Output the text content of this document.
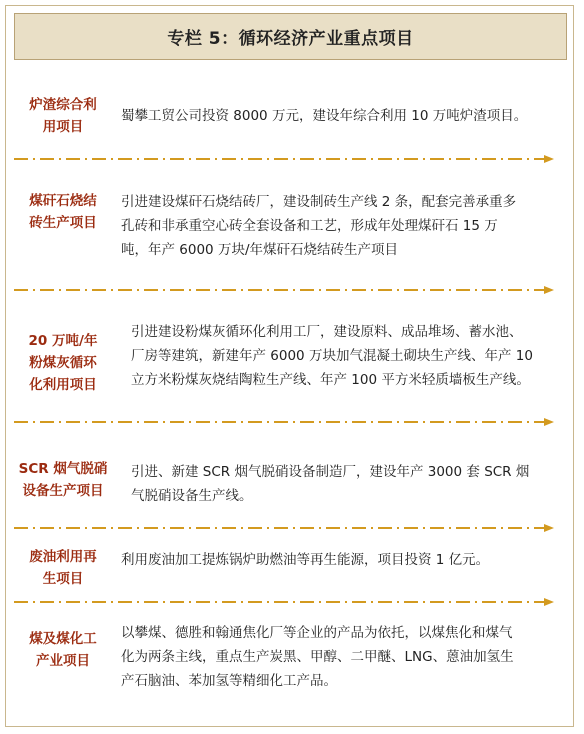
专栏 5：循环经济产业重点项目
炉渣综合利
用项目
蜀攀工贸公司投资 8000 万元，建设年综合利用 10 万吨炉渣项目。
煤矸石烧结
砖生产项目
引进建设煤矸石烧结砖厂，建设制砖生产线 2 条，配套完善承重多
孔砖和非承重空心砖全套设备和工艺，形成年处理煤矸石 15 万
吨，年产 6000 万块/年煤矸石烧结砖生产项目
20 万吨/年
粉煤灰循环
化利用项目
引进建设粉煤灰循环化利用工厂，建设原料、成品堆场、蓄水池、
厂房等建筑，新建年产 6000 万块加气混凝土砌块生产线、年产 10
立方米粉煤灰烧结陶粒生产线、年产 100 平方米轻质墙板生产线。
SCR 烟气脱硝
设备生产项目
引进、新建 SCR 烟气脱硝设备制造厂，建设年产 3000 套 SCR 烟
气脱硝设备生产线。
废油利用再
生项目
利用废油加工提炼锅炉助燃油等再生能源，项目投资 1 亿元。
煤及煤化工
产业项目
以攀煤、德胜和翰通焦化厂等企业的产品为依托，以煤焦化和煤气
化为两条主线，重点生产炭黑、甲醇、二甲醚、LNG、蒽油加氢生
产石脑油、苯加氢等精细化工产品。
